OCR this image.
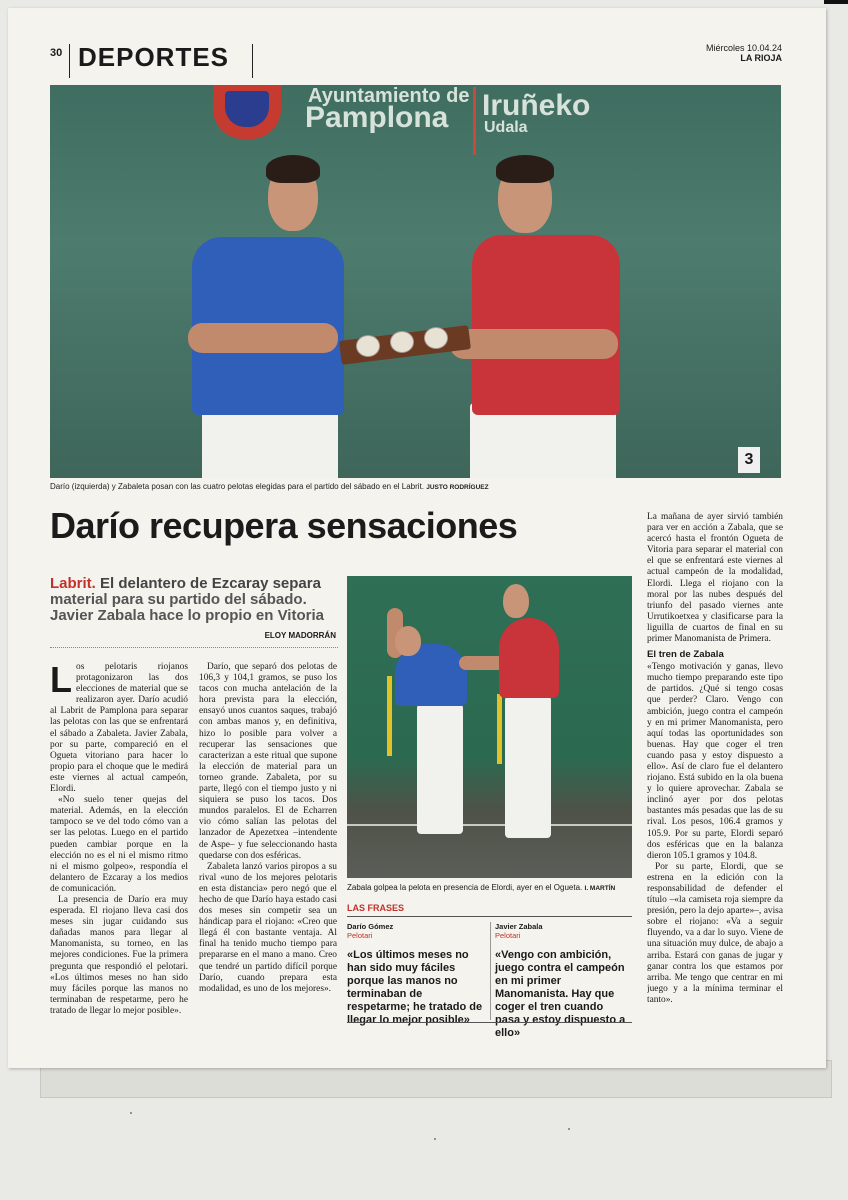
30 DEPORTES	Miércoles 10.04.24
LA RIOJA
Ayuntamiento de
Pamplona Iruñeko
Udala
3
Darío (izquierda) y Zabaleta posan con las cuatro pelotas elegidas para el partido del sábado en el Labrit. JUSTO RODRÍGUEZ
Darío recupera sensaciones
Labrit. El delantero de Ezcaray separa material para su partido del sábado. Javier Zabala hace lo propio en Vitoria
ELOY MADORRÁN

Los pelotaris riojanos protagonizaron las dos elecciones de material que se realizaron ayer. Darío acudió al Labrit de Pamplona para separar las pelotas con las que se enfrentará el sábado a Zabaleta. Javier Zabala, por su parte, compareció en el Ogueta vitoriano para hacer lo propio para el choque que le medirá este viernes al actual campeón, Elordi.

«No suelo tener quejas del material. Además, en la elección tampoco se ve del todo cómo van a ser las pelotas. Luego en el partido pueden cambiar porque en la elección no es el ni el mismo ritmo ni el mismo golpeo», respondía el delantero de Ezcaray a los medios de comunicación.

La presencia de Darío era muy esperada. El riojano lleva casi dos meses sin jugar cuidando sus dañadas manos para llegar al Manomanista, su torneo, en las mejores condiciones. Fue la primera pregunta que respondió el pelotari. «Los últimos meses no han sido muy fáciles porque las manos no terminaban de respetarme, pero he tratado de llegar lo mejor posible».

Darío, que separó dos pelotas de 106,3 y 104,1 gramos, se puso los tacos con mucha antelación de la hora prevista para la elección, ensayó unos cuantos saques, trabajó con ambas manos y, en definitiva, hizo lo posible para volver a recuperar las sensaciones que caracterizan a este ritual que supone la elección de material para un torneo grande. Zabaleta, por su parte, llegó con el tiempo justo y ni siquiera se puso los tacos. Dos mundos paralelos. El de Echarren vio cómo salían las pelotas del lanzador de Apezetxea –intendente de Aspe– y fue seleccionando hasta quedarse con dos esféricas.

Zabaleta lanzó varios piropos a su rival «uno de los mejores pelotaris en esta distancia» pero negó que el hecho de que Darío haya estado casi dos meses sin competir sea un hándicap para el riojano: «Creo que llegá él con bastante ventaja. Al final ha tenido mucho tiempo para prepararse en el mano a mano. Creo que tendré un partido difícil porque Darío, cuando prepara esta modalidad, es uno de los mejores».

Zabala golpea la pelota en presencia de Elordi, ayer en el Ogueta. I. MARTÍN
LAS FRASES
Darío Gómez
Pelotari
«Los últimos meses no han sido muy fáciles porque las manos no terminaban de respetarme; he tratado de llegar lo mejor posible»
Javier Zabala
Pelotari
«Vengo con ambición, juego contra el campeón en mi primer Manomanista. Hay que coger el tren cuando pasa y estoy dispuesto a ello»

La mañana de ayer sirvió también para ver en acción a Zabala, que se acercó hasta el frontón Ogueta de Vitoria para separar el material con el que se enfrentará este viernes al actual campeón de la modalidad, Elordi. Llega el riojano con la moral por las nubes después del triunfo del pasado viernes ante Urrutikoetxea y clasificarse para la liguilla de cuartos de final en su primer Manomanista de Primera.

El tren de Zabala

«Tengo motivación y ganas, llevo mucho tiempo preparando este tipo de partidos. ¿Qué si tengo cosas que perder? Claro. Vengo con ambición, juego contra el campeón y en mi primer Manomanista, pero aquí todas las oportunidades son buenas. Hay que coger el tren cuando pasa y estoy dispuesto a ello». Así de claro fue el delantero riojano. Está subido en la ola buena y lo quiere aprovechar. Zabala se inclinó ayer por dos pelotas bastantes más pesadas que las de su rival. Los pesos, 106.4 gramos y 105.9. Por su parte, Elordi separó dos esféricas que en la balanza dieron 105.1 gramos y 104.8.

Por su parte, Elordi, que se estrena en la edición con la responsabilidad de defender el título –«la camiseta roja siempre da presión, pero la dejo aparte»–, avisa sobre el riojano: «Va a seguir fluyendo, va a dar lo suyo. Viene de una situación muy dulce, de abajo a arriba. Estará con ganas de jugar y ganar contra los que estamos por arriba. Me tengo que centrar en mi juego y a la mínima terminar el tanto».
